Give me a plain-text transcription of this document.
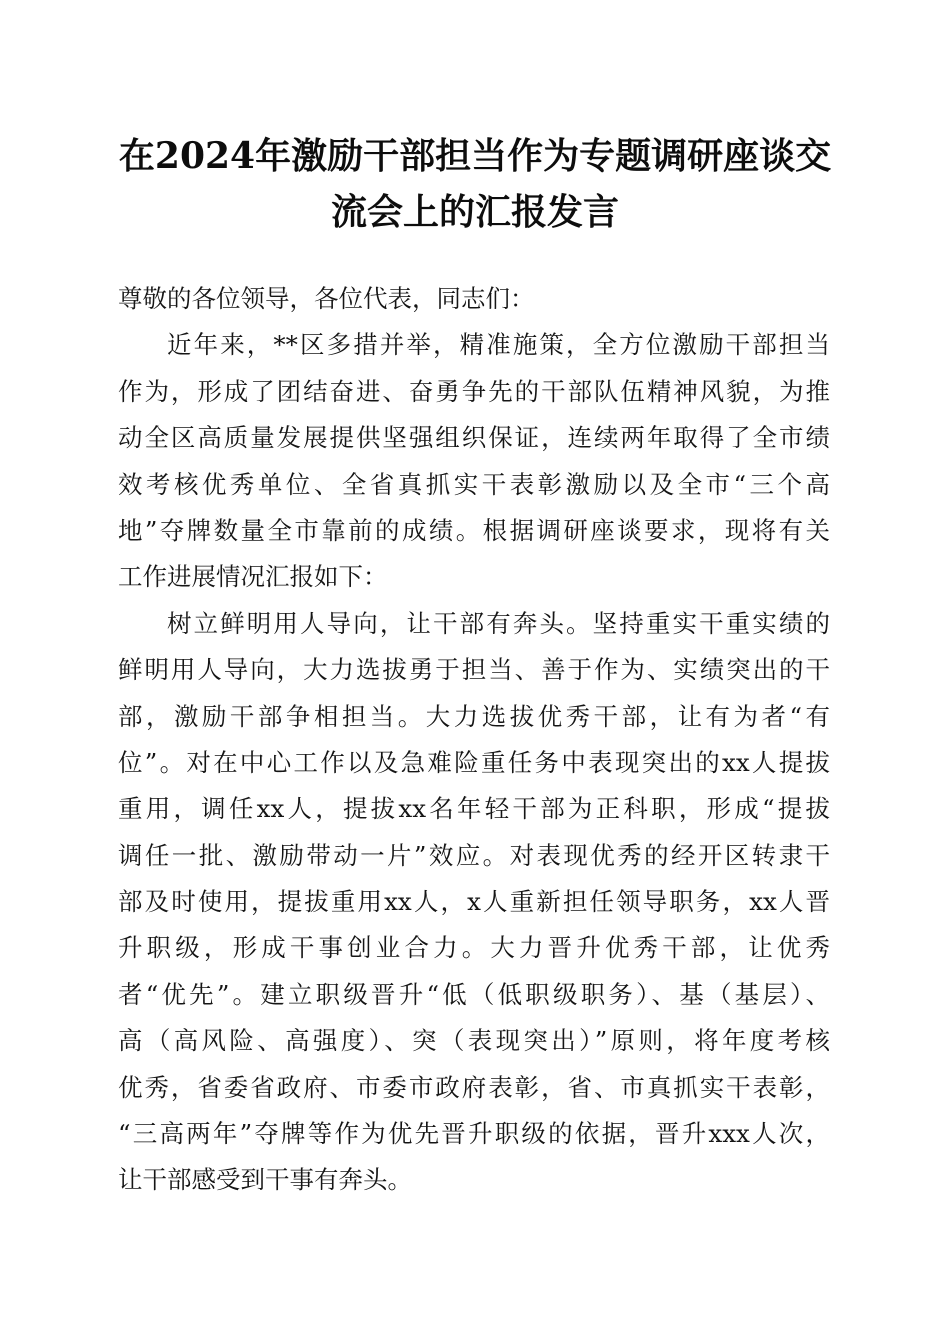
在2024年激励干部担当作为专题调研座谈交
流会上的汇报发言
尊敬的各位领导，各位代表，同志们：
近年来，**区多措并举，精准施策，全方位激励干部担当
作为，形成了团结奋进、奋勇争先的干部队伍精神风貌，为推
动全区高质量发展提供坚强组织保证，连续两年取得了全市绩
效考核优秀单位、全省真抓实干表彰激励以及全市“三个高
地”夺牌数量全市靠前的成绩。根据调研座谈要求，现将有关
工作进展情况汇报如下：
树立鲜明用人导向，让干部有奔头。坚持重实干重实绩的
鲜明用人导向，大力选拔勇于担当、善于作为、实绩突出的干
部，激励干部争相担当。大力选拔优秀干部，让有为者“有
位”。对在中心工作以及急难险重任务中表现突出的xx人提拔
重用，调任xx人，提拔xx名年轻干部为正科职，形成“提拔
调任一批、激励带动一片”效应。对表现优秀的经开区转隶干
部及时使用，提拔重用xx人，x人重新担任领导职务，xx人晋
升职级，形成干事创业合力。大力晋升优秀干部，让优秀
者“优先”。建立职级晋升“低（低职级职务）、基（基层）、
高（高风险、高强度）、突（表现突出）”原则，将年度考核
优秀，省委省政府、市委市政府表彰，省、市真抓实干表彰，
“三高两年”夺牌等作为优先晋升职级的依据，晋升xxx人次，
让干部感受到干事有奔头。
